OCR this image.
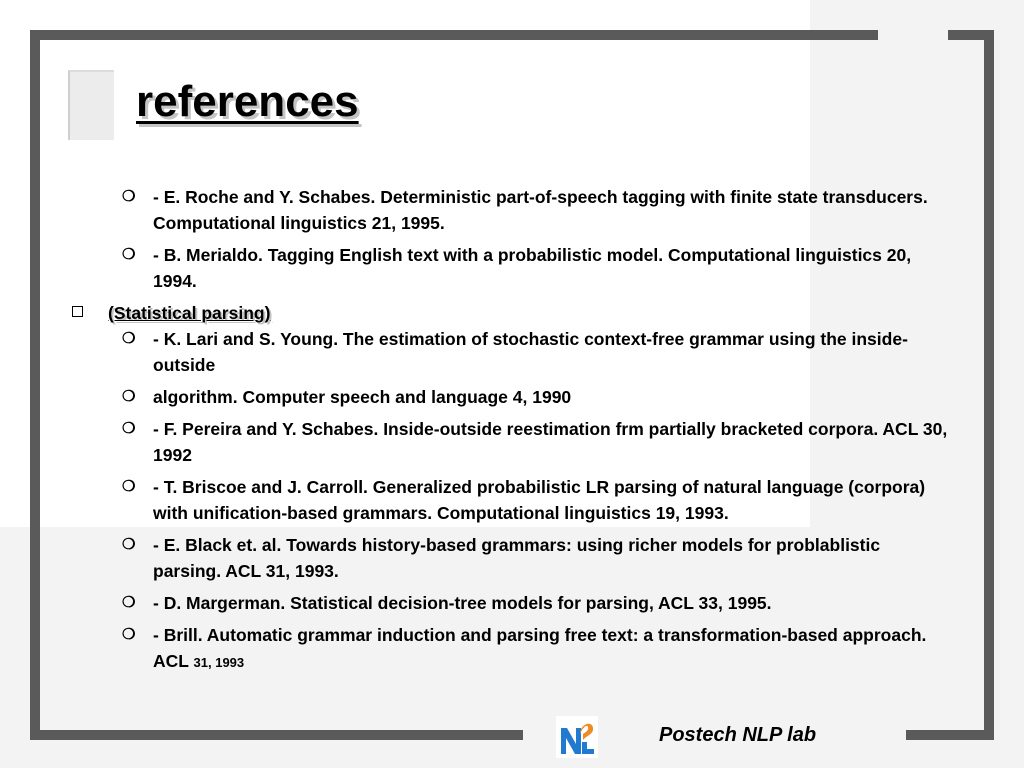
references
❍ - E. Roche and Y. Schabes. Deterministic part-of-speech tagging with finite state transducers. Computational linguistics 21, 1995.
❍ - B. Merialdo. Tagging English text with a probabilistic model. Computational linguistics 20, 1994.
(Statistical parsing)
❍ - K. Lari and S. Young. The estimation of stochastic context-free grammar using the inside-outside
❍ algorithm. Computer speech and language 4, 1990
❍ - F. Pereira and Y. Schabes. Inside-outside reestimation frm partially bracketed corpora. ACL 30, 1992
❍ - T. Briscoe and J. Carroll. Generalized probabilistic LR parsing of natural language (corpora) with unification-based grammars. Computational linguistics 19, 1993.
❍ - E. Black et. al. Towards history-based grammars: using richer models for problablistic parsing. ACL 31, 1993.
❍ - D. Margerman. Statistical decision-tree models for parsing, ACL 33, 1995.
❍ - Brill. Automatic grammar induction and parsing free text: a transformation-based approach. ACL 31, 1993
Postech NLP lab
